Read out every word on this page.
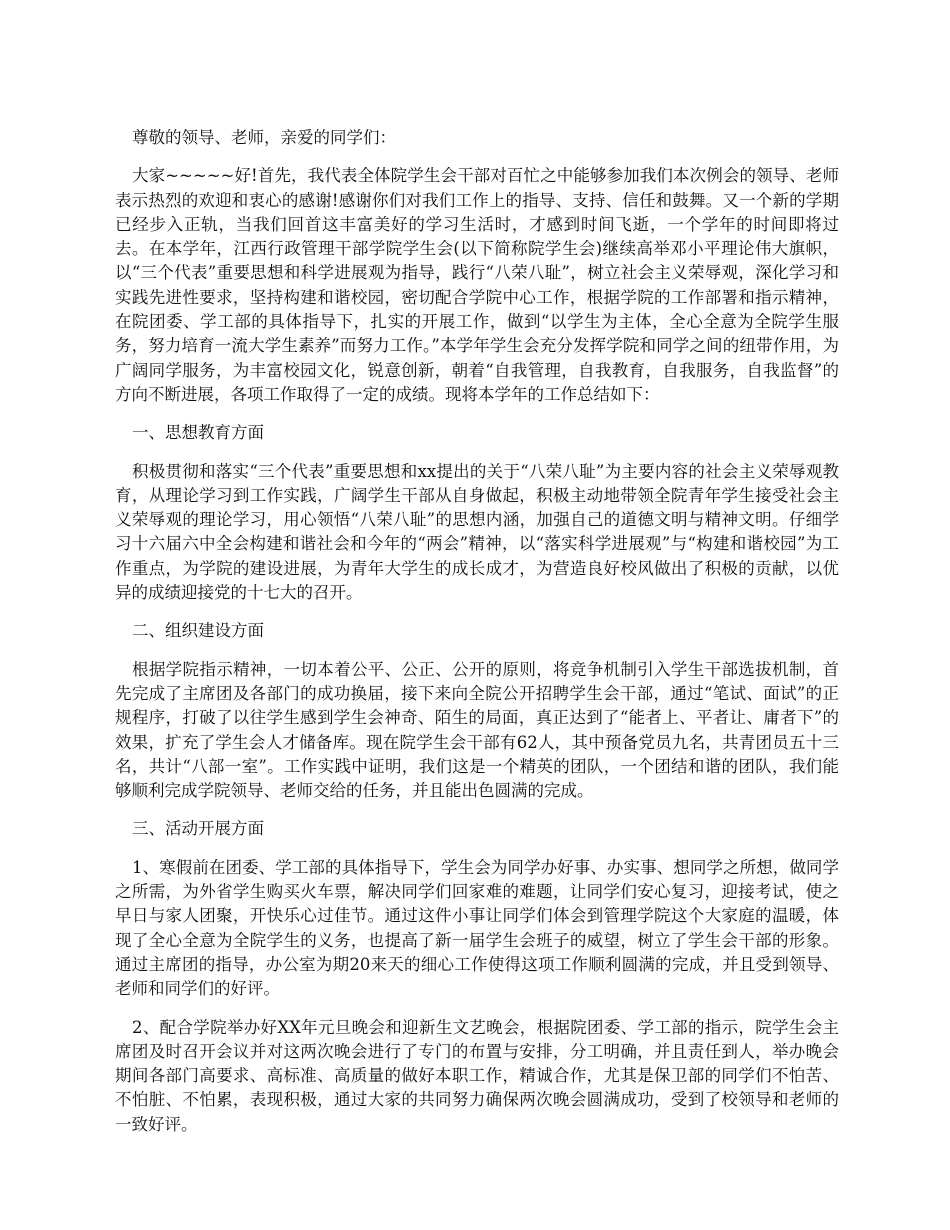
尊敬的领导、老师，亲爱的同学们：

大家~~~~~好!首先，我代表全体院学生会干部对百忙之中能够参加我们本次例会的领导、老师表示热烈的欢迎和衷心的感谢!感谢你们对我们工作上的指导、支持、信任和鼓舞。又一个新的学期已经步入正轨，当我们回首这丰富美好的学习生活时，才感到时间飞逝，一个学年的时间即将过去。在本学年，江西行政管理干部学院学生会(以下简称院学生会)继续高举邓小平理论伟大旗帜，以“三个代表”重要思想和科学进展观为指导，践行“八荣八耻”，树立社会主义荣辱观，深化学习和实践先进性要求，坚持构建和谐校园，密切配合学院中心工作，根据学院的工作部署和指示精神，在院团委、学工部的具体指导下，扎实的开展工作，做到“以学生为主体，全心全意为全院学生服务，努力培育一流大学生素养”而努力工作。”本学年学生会充分发挥学院和同学之间的纽带作用，为广阔同学服务，为丰富校园文化，锐意创新，朝着“自我管理，自我教育，自我服务，自我监督”的方向不断进展，各项工作取得了一定的成绩。现将本学年的工作总结如下：

一、思想教育方面

积极贯彻和落实“三个代表”重要思想和xx提出的关于“八荣八耻”为主要内容的社会主义荣辱观教育，从理论学习到工作实践，广阔学生干部从自身做起，积极主动地带领全院青年学生接受社会主义荣辱观的理论学习，用心领悟“八荣八耻”的思想内涵，加强自己的道德文明与精神文明。仔细学习十六届六中全会构建和谐社会和今年的“两会”精神，以“落实科学进展观”与“构建和谐校园”为工作重点，为学院的建设进展，为青年大学生的成长成才，为营造良好校风做出了积极的贡献，以优异的成绩迎接党的十七大的召开。

二、组织建设方面

根据学院指示精神，一切本着公平、公正、公开的原则，将竞争机制引入学生干部选拔机制，首先完成了主席团及各部门的成功换届，接下来向全院公开招聘学生会干部，通过“笔试、面试”的正规程序，打破了以往学生感到学生会神奇、陌生的局面，真正达到了“能者上、平者让、庸者下”的效果，扩充了学生会人才储备库。现在院学生会干部有62人，其中预备党员九名，共青团员五十三名，共计“八部一室”。工作实践中证明，我们这是一个精英的团队，一个团结和谐的团队，我们能够顺利完成学院领导、老师交给的任务，并且能出色圆满的完成。

三、活动开展方面

1、寒假前在团委、学工部的具体指导下，学生会为同学办好事、办实事、想同学之所想，做同学之所需，为外省学生购买火车票，解决同学们回家难的难题，让同学们安心复习，迎接考试，使之早日与家人团聚，开快乐心过佳节。通过这件小事让同学们体会到管理学院这个大家庭的温暖，体现了全心全意为全院学生的义务，也提高了新一届学生会班子的威望，树立了学生会干部的形象。通过主席团的指导，办公室为期20来天的细心工作使得这项工作顺利圆满的完成，并且受到领导、老师和同学们的好评。

2、配合学院举办好XX年元旦晚会和迎新生文艺晚会，根据院团委、学工部的指示，院学生会主席团及时召开会议并对这两次晚会进行了专门的布置与安排，分工明确，并且责任到人，举办晚会期间各部门高要求、高标准、高质量的做好本职工作，精诚合作，尤其是保卫部的同学们不怕苦、不怕脏、不怕累，表现积极，通过大家的共同努力确保两次晚会圆满成功，受到了校领导和老师的一致好评。
